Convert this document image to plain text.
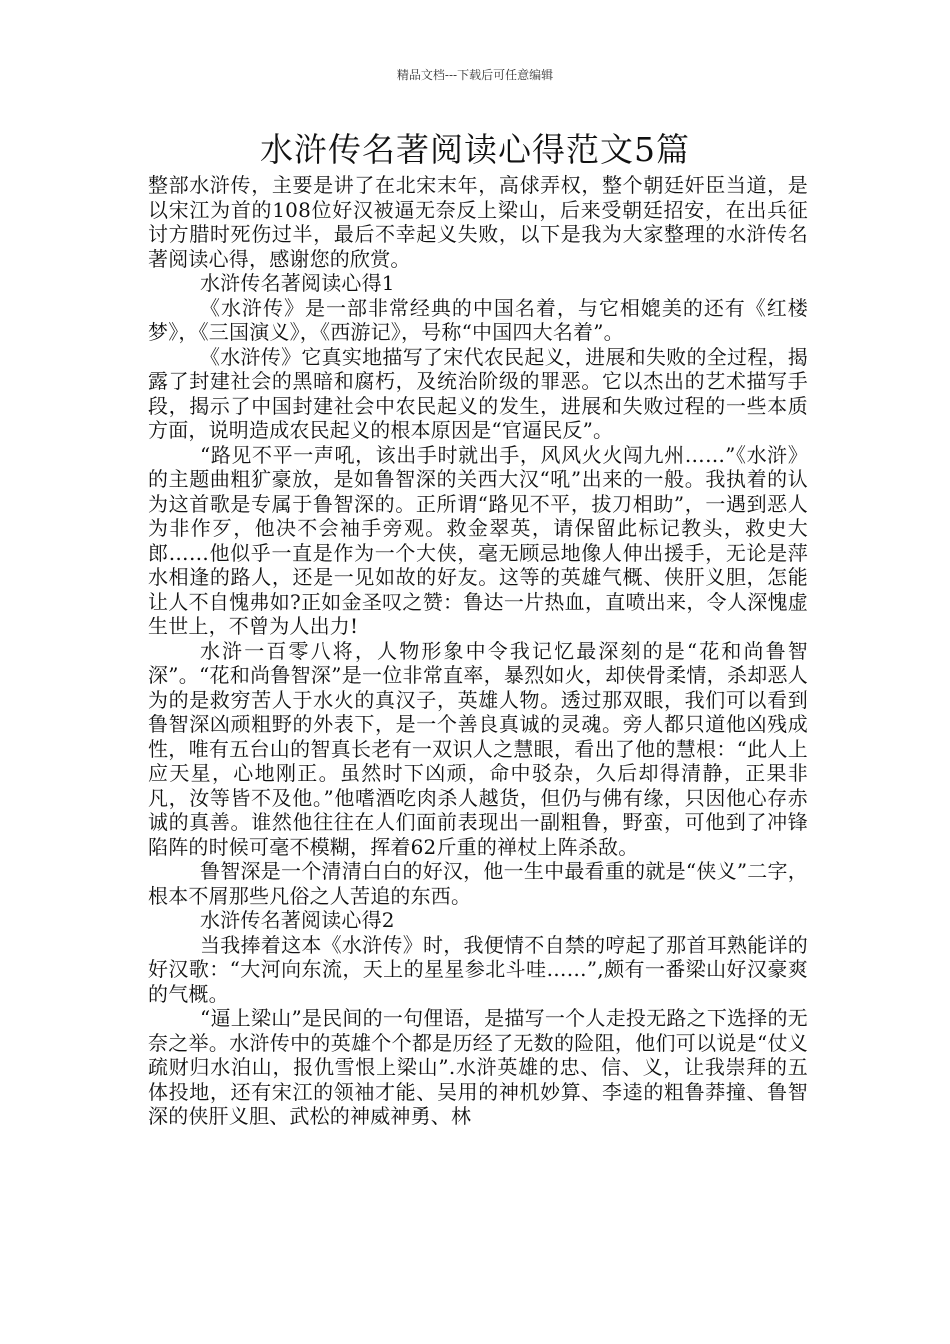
精品文档---下载后可任意编辑
水浒传名著阅读心得范文5篇

整部水浒传，主要是讲了在北宋末年，高俅弄权，整个朝廷奸臣当道，是以宋江为首的108位好汉被逼无奈反上梁山，后来受朝廷招安，在出兵征讨方腊时死伤过半，最后不幸起义失败，以下是我为大家整理的水浒传名著阅读心得，感谢您的欣赏。

水浒传名著阅读心得1

《水浒传》是一部非常经典的中国名着，与它相媲美的还有《红楼梦》，《三国演义》，《西游记》，号称“中国四大名着”。

《水浒传》它真实地描写了宋代农民起义，进展和失败的全过程，揭露了封建社会的黑暗和腐朽，及统治阶级的罪恶。它以杰出的艺术描写手段，揭示了中国封建社会中农民起义的发生，进展和失败过程的一些本质方面，说明造成农民起义的根本原因是“官逼民反”。

“路见不平一声吼，该出手时就出手，风风火火闯九州……”《水浒》的主题曲粗犷豪放，是如鲁智深的关西大汉“吼”出来的一般。我执着的认为这首歌是专属于鲁智深的。正所谓“路见不平，拔刀相助”，一遇到恶人为非作歹，他决不会袖手旁观。救金翠英，请保留此标记教头，救史大郎……他似乎一直是作为一个大侠，毫无顾忌地像人伸出援手，无论是萍水相逢的路人，还是一见如故的好友。这等的英雄气概、侠肝义胆，怎能让人不自愧弗如?正如金圣叹之赞：鲁达一片热血，直喷出来，令人深愧虚生世上，不曾为人出力!

水浒一百零八将，人物形象中令我记忆最深刻的是“花和尚鲁智深”。“花和尚鲁智深”是一位非常直率，暴烈如火，却侠骨柔情，杀却恶人为的是救穷苦人于水火的真汉子，英雄人物。透过那双眼，我们可以看到鲁智深凶顽粗野的外表下，是一个善良真诚的灵魂。旁人都只道他凶残成性，唯有五台山的智真长老有一双识人之慧眼，看出了他的慧根：“此人上应天星，心地刚正。虽然时下凶顽，命中驳杂，久后却得清静，正果非凡，汝等皆不及他。”他嗜酒吃肉杀人越货，但仍与佛有缘，只因他心存赤诚的真善。谁然他往往在人们面前表现出一副粗鲁，野蛮，可他到了冲锋陷阵的时候可毫不模糊，挥着62斤重的禅杖上阵杀敌。

鲁智深是一个清清白白的好汉，他一生中最看重的就是“侠义”二字，根本不屑那些凡俗之人苦追的东西。

水浒传名著阅读心得2

当我捧着这本《水浒传》时，我便情不自禁的哼起了那首耳熟能详的好汉歌：“大河向东流，天上的星星参北斗哇……”,颇有一番梁山好汉豪爽的气概。

“逼上梁山”是民间的一句俚语，是描写一个人走投无路之下选择的无奈之举。水浒传中的英雄个个都是历经了无数的险阻，他们可以说是“仗义疏财归水泊山，报仇雪恨上梁山”.水浒英雄的忠、信、义，让我崇拜的五体投地，还有宋江的领袖才能、吴用的神机妙算、李逵的粗鲁莽撞、鲁智深的侠肝义胆、武松的神威神勇、林
